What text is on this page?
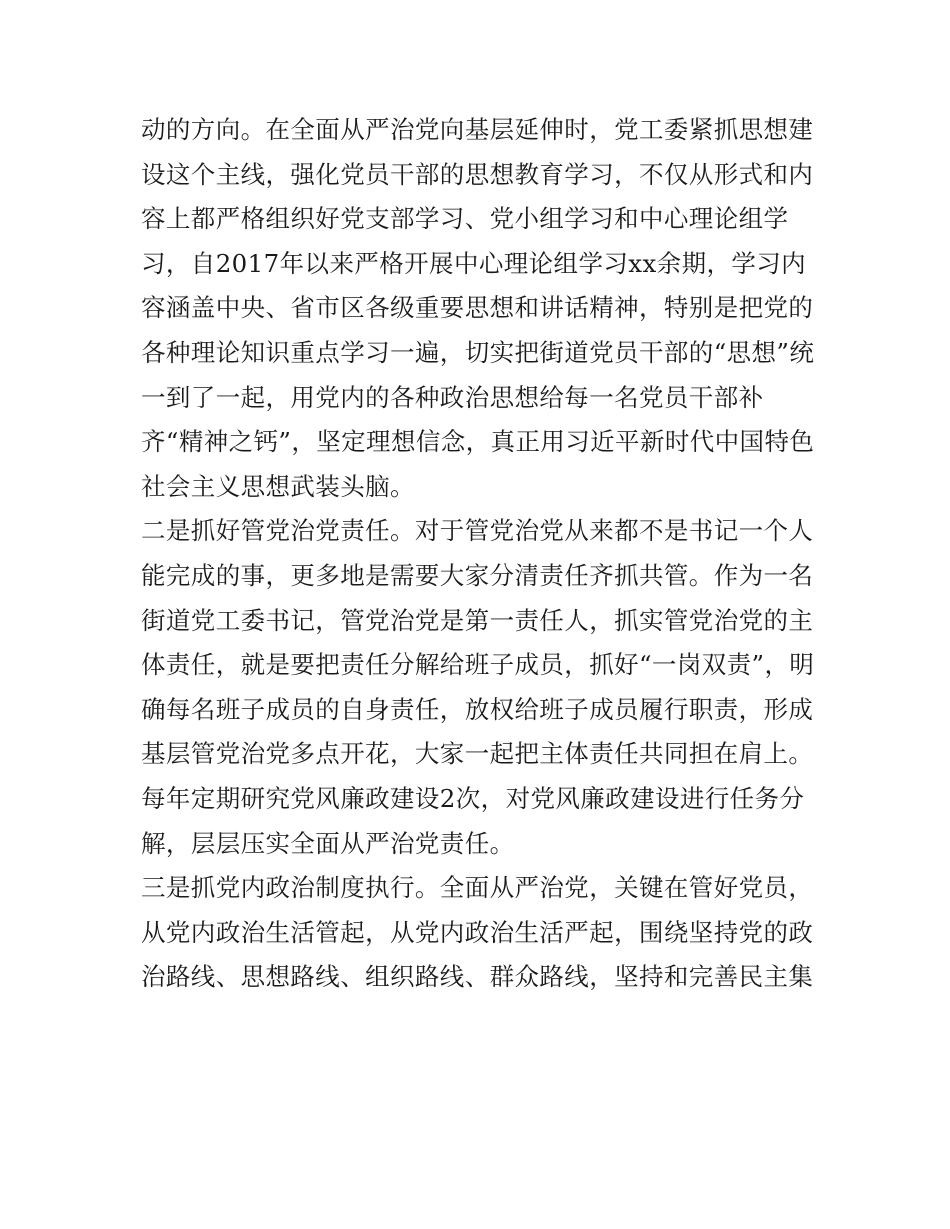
动的方向。在全面从严治党向基层延伸时，党工委紧抓思想建
设这个主线，强化党员干部的思想教育学习，不仅从形式和内
容上都严格组织好党支部学习、党小组学习和中心理论组学
习，自2017年以来严格开展中心理论组学习xx余期，学习内
容涵盖中央、省市区各级重要思想和讲话精神，特别是把党的
各种理论知识重点学习一遍，切实把街道党员干部的“思想”统
一到了一起，用党内的各种政治思想给每一名党员干部补
齐“精神之钙”，坚定理想信念，真正用习近平新时代中国特色
社会主义思想武装头脑。
二是抓好管党治党责任。对于管党治党从来都不是书记一个人
能完成的事，更多地是需要大家分清责任齐抓共管。作为一名
街道党工委书记，管党治党是第一责任人，抓实管党治党的主
体责任，就是要把责任分解给班子成员，抓好“一岗双责”，明
确每名班子成员的自身责任，放权给班子成员履行职责，形成
基层管党治党多点开花，大家一起把主体责任共同担在肩上。
每年定期研究党风廉政建设2次，对党风廉政建设进行任务分
解，层层压实全面从严治党责任。
三是抓党内政治制度执行。全面从严治党，关键在管好党员，
从党内政治生活管起，从党内政治生活严起，围绕坚持党的政
治路线、思想路线、组织路线、群众路线，坚持和完善民主集
